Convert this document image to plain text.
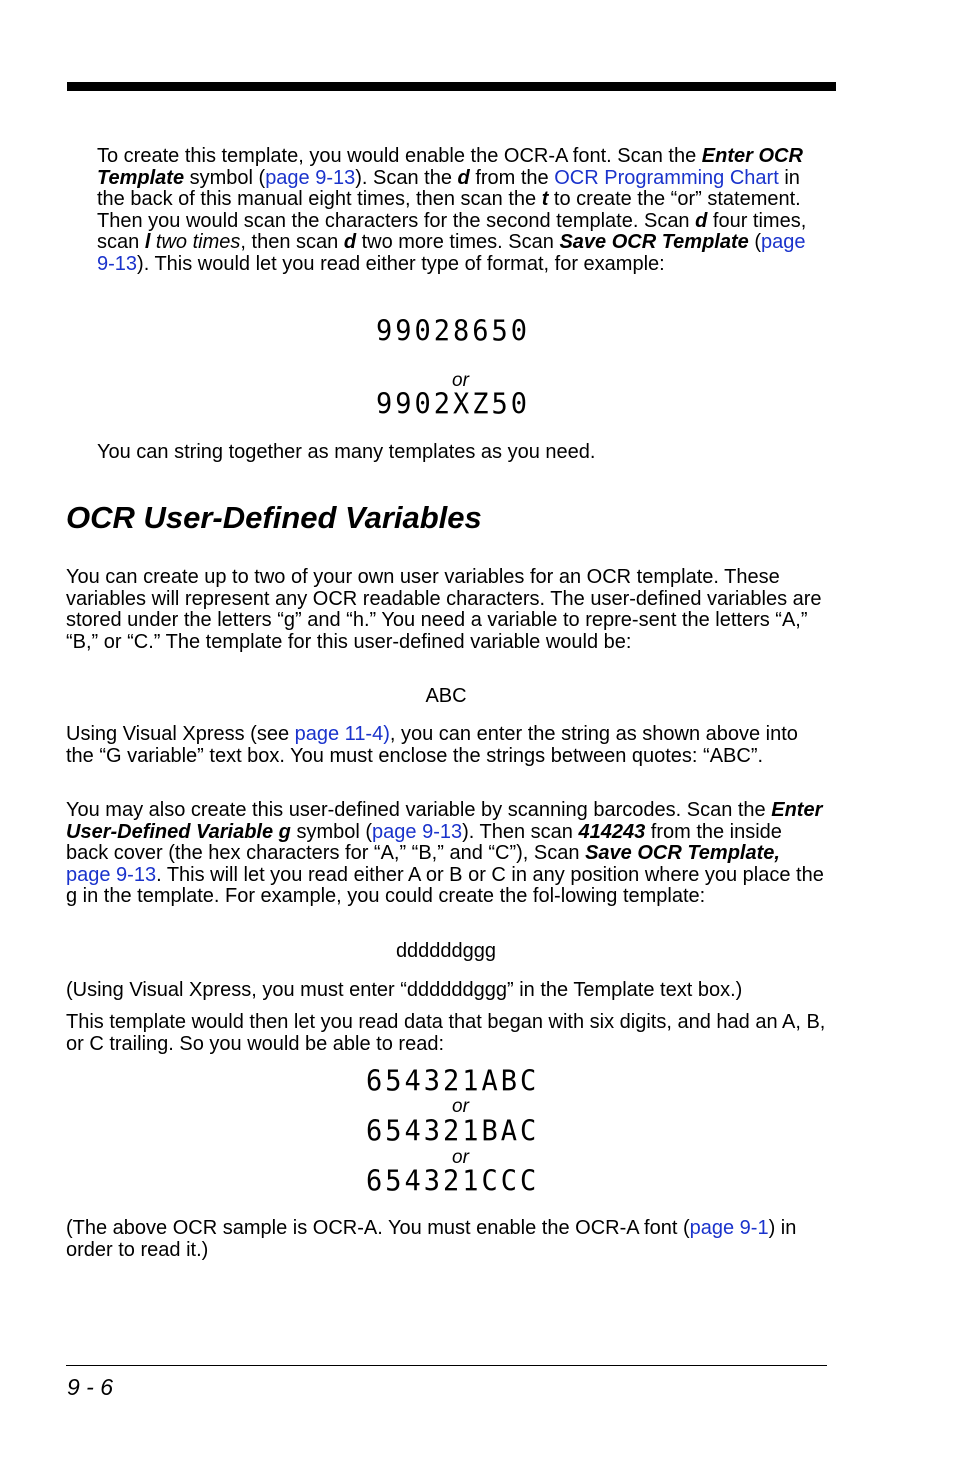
To create this template, you would enable the OCR-A font. Scan the Enter OCR Template symbol (page 9-13). Scan the d from the OCR Programming Chart in the back of this manual eight times, then scan the t to create the “or” statement. Then you would scan the characters for the second template. Scan d four times, scan l two times, then scan d two more times. Scan Save OCR Template (page 9-13). This would let you read either type of format, for example:

99028650
or
9902XZ50

You can string together as many templates as you need.

OCR User-Defined Variables

You can create up to two of your own user variables for an OCR template. These variables will represent any OCR readable characters. The user-defined variables are stored under the letters “g” and “h.” You need a variable to repre-sent the letters “A,” “B,” or “C.” The template for this user-defined variable would be:

ABC

Using Visual Xpress (see page 11-4), you can enter the string as shown above into the “G variable” text box. You must enclose the strings between quotes: “ABC”.

You may also create this user-defined variable by scanning barcodes. Scan the Enter User-Defined Variable g symbol (page 9-13). Then scan 414243 from the inside back cover (the hex characters for “A,” “B,” and “C”), Scan Save OCR Template, page 9-13. This will let you read either A or B or C in any position where you place the g in the template. For example, you could create the fol-lowing template:

ddddddggg

(Using Visual Xpress, you must enter “ddddddggg” in the Template text box.)

This template would then let you read data that began with six digits, and had an A, B, or C trailing. So you would be able to read:

654321ABC
or
654321BAC
or
654321CCC

(The above OCR sample is OCR-A. You must enable the OCR-A font (page 9-1) in order to read it.)

9 - 6
